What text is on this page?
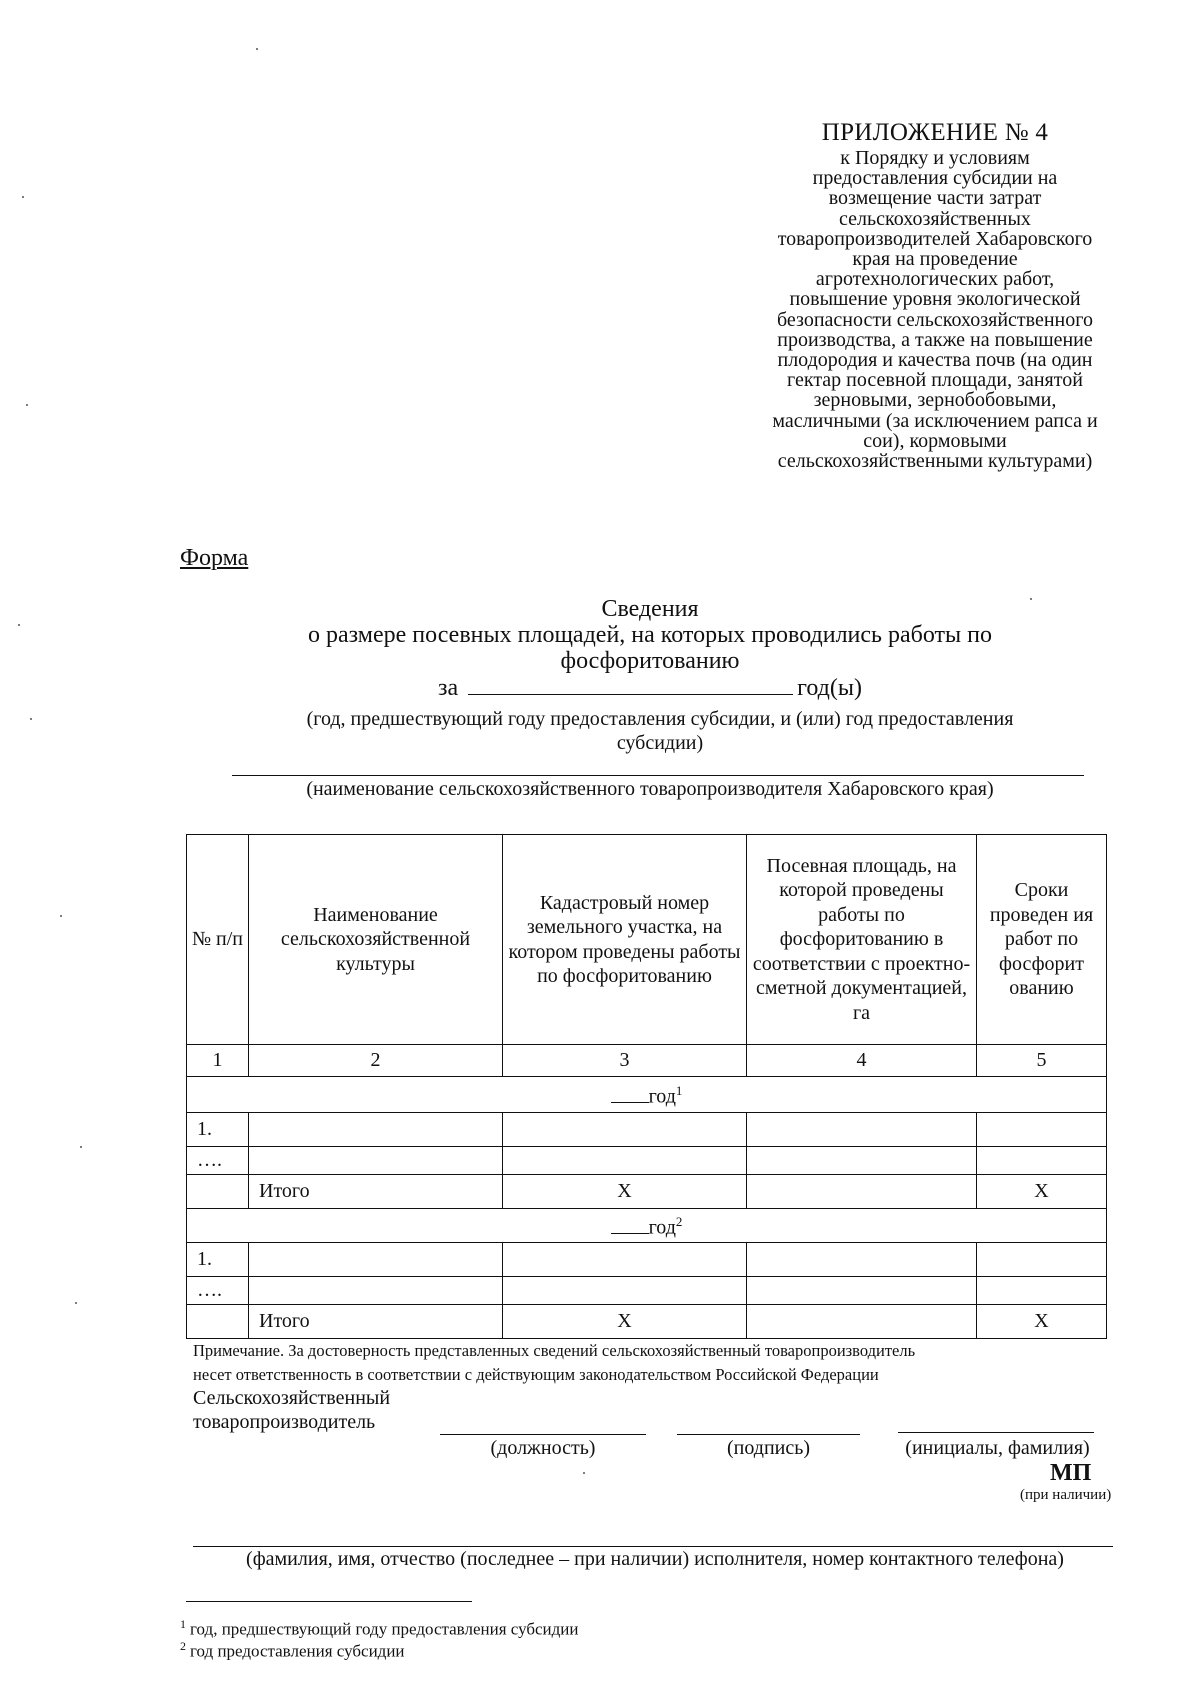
ПРИЛОЖЕНИЕ № 4
к Порядку и условиям
предоставления субсидии на
возмещение части затрат
сельскохозяйственных
товаропроизводителей Хабаровского
края на проведение
агротехнологических работ,
повышение уровня экологической
безопасности сельскохозяйственного
производства, а также на повышение
плодородия и качества почв (на один
гектар посевной площади, занятой
зерновыми, зернобобовыми,
масличными (за исключением рапса и
сои), кормовыми
сельскохозяйственными культурами)
Форма
Сведения
о размере посевных площадей, на которых проводились работы по
фосфоритованию
за	год(ы)
(год, предшествующий году предоставления субсидии, и (или) год предоставления
субсидии)
(наименование сельскохозяйственного товаропроизводителя Хабаровского края)
№ п/п	Наименование сельскохозяйственной культуры	Кадастровый номер земельного участка, на котором проведены работы по фосфоритованию	Посевная площадь, на которой проведены работы по фосфоритованию в соответствии с проектно-сметной документацией, га	Сроки проведен ия работ по фосфорит ованию
1	2	3	4	5
год$^1$
1.				
….				
	Итого	X		X
год$^2$
1.				
….				
	Итого	X		X
Примечание. За достоверность представленных сведений сельскохозяйственный товаропроизводитель
несет ответственность в соответствии с действующим законодательством Российской Федерации
Сельскохозяйственный
товаропроизводитель
(должность)	(подпись)	(инициалы, фамилия)
МП
(при наличии)
(фамилия, имя, отчество (последнее – при наличии) исполнителя, номер контактного телефона)
$^1$ год, предшествующий году предоставления субсидии
$^2$ год предоставления субсидии
